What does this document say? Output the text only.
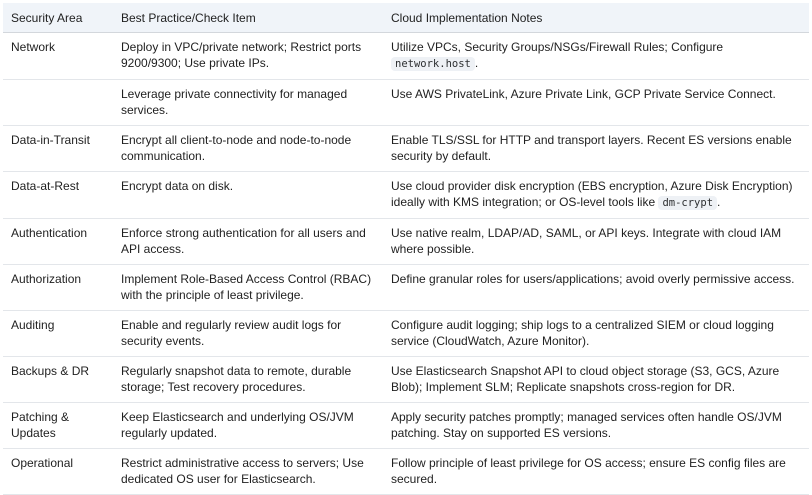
Security Area	Best Practice/Check Item	Cloud Implementation Notes
Network	Deploy in VPC/private network; Restrict ports 9200/9300; Use private IPs.	Utilize VPCs, Security Groups/NSGs/Firewall Rules; Configure network.host .
	Leverage private connectivity for managed services.	Use AWS PrivateLink, Azure Private Link, GCP Private Service Connect.
Data-in-Transit	Encrypt all client-to-node and node-to-node communication.	Enable TLS/SSL for HTTP and transport layers. Recent ES versions enable security by default.
Data-at-Rest	Encrypt data on disk.	Use cloud provider disk encryption (EBS encryption, Azure Disk Encryption) ideally with KMS integration; or OS-level tools like dm-crypt .
Authentication	Enforce strong authentication for all users and API access.	Use native realm, LDAP/AD, SAML, or API keys. Integrate with cloud IAM where possible.
Authorization	Implement Role-Based Access Control (RBAC) with the principle of least privilege.	Define granular roles for users/applications; avoid overly permissive access.
Auditing	Enable and regularly review audit logs for security events.	Configure audit logging; ship logs to a centralized SIEM or cloud logging service (CloudWatch, Azure Monitor).
Backups & DR	Regularly snapshot data to remote, durable storage; Test recovery procedures.	Use Elasticsearch Snapshot API to cloud object storage (S3, GCS, Azure Blob); Implement SLM; Replicate snapshots cross-region for DR.
Patching & Updates	Keep Elasticsearch and underlying OS/JVM regularly updated.	Apply security patches promptly; managed services often handle OS/JVM patching. Stay on supported ES versions.
Operational	Restrict administrative access to servers; Use dedicated OS user for Elasticsearch.	Follow principle of least privilege for OS access; ensure ES config files are secured.
